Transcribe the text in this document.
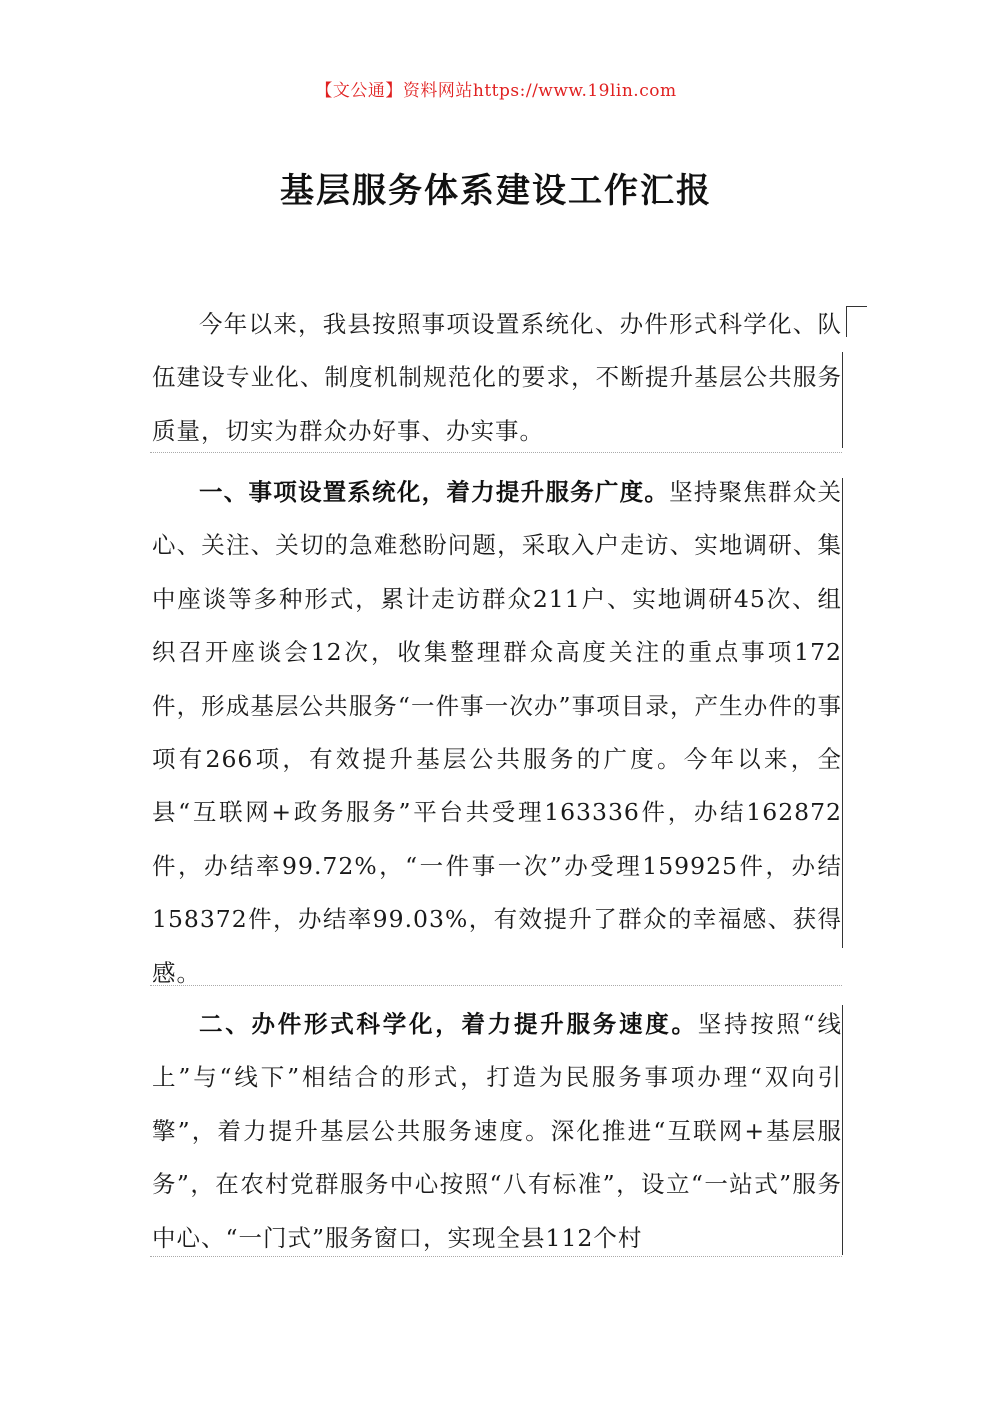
【文公通】资料网站https://www.19lin.com
基层服务体系建设工作汇报

今年以来，我县按照事项设置系统化、办件形式科学化、队伍建设专业化、制度机制规范化的要求，不断提升基层公共服务质量，切实为群众办好事、办实事。

一、事项设置系统化，着力提升服务广度。坚持聚焦群众关心、关注、关切的急难愁盼问题，采取入户走访、实地调研、集中座谈等多种形式，累计走访群众211户、实地调研45次、组织召开座谈会12次，收集整理群众高度关注的重点事项172件，形成基层公共服务“一件事一次办”事项目录，产生办件的事项有266项，有效提升基层公共服务的广度。今年以来，全县“互联网+政务服务”平台共受理163336件，办结162872件，办结率99.72%，“一件事一次”办受理159925件，办结158372件，办结率99.03%，有效提升了群众的幸福感、获得感。

二、办件形式科学化，着力提升服务速度。坚持按照“线上”与“线下”相结合的形式，打造为民服务事项办理“双向引擎”，着力提升基层公共服务速度。深化推进“互联网+基层服务”，在农村党群服务中心按照“八有标准”，设立“一站式”服务中心、“一门式”服务窗口，实现全县112个村
